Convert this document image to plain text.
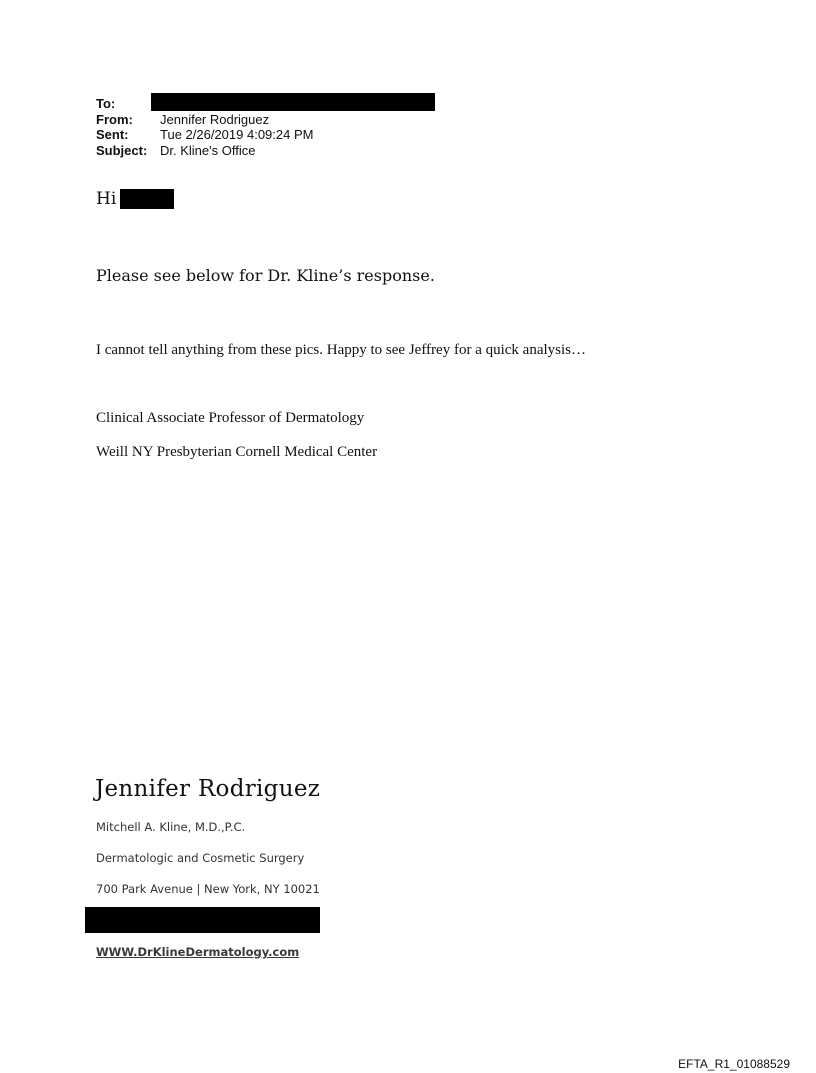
To:
From:	Jennifer Rodriguez
Sent:	Tue 2/26/2019 4:09:24 PM
Subject: Dr. Kline's Office
Hi
Please see below for Dr. Kline’s response.
I cannot tell anything from these pics. Happy to see Jeffrey for a quick analysis…
Clinical Associate Professor of Dermatology
Weill NY Presbyterian Cornell Medical Center
Jennifer Rodriguez
Mitchell A. Kline, M.D.,P.C.
Dermatologic and Cosmetic Surgery
700 Park Avenue | New York, NY 10021
WWW.DrKlineDermatology.com
EFTA_R1_01088529
